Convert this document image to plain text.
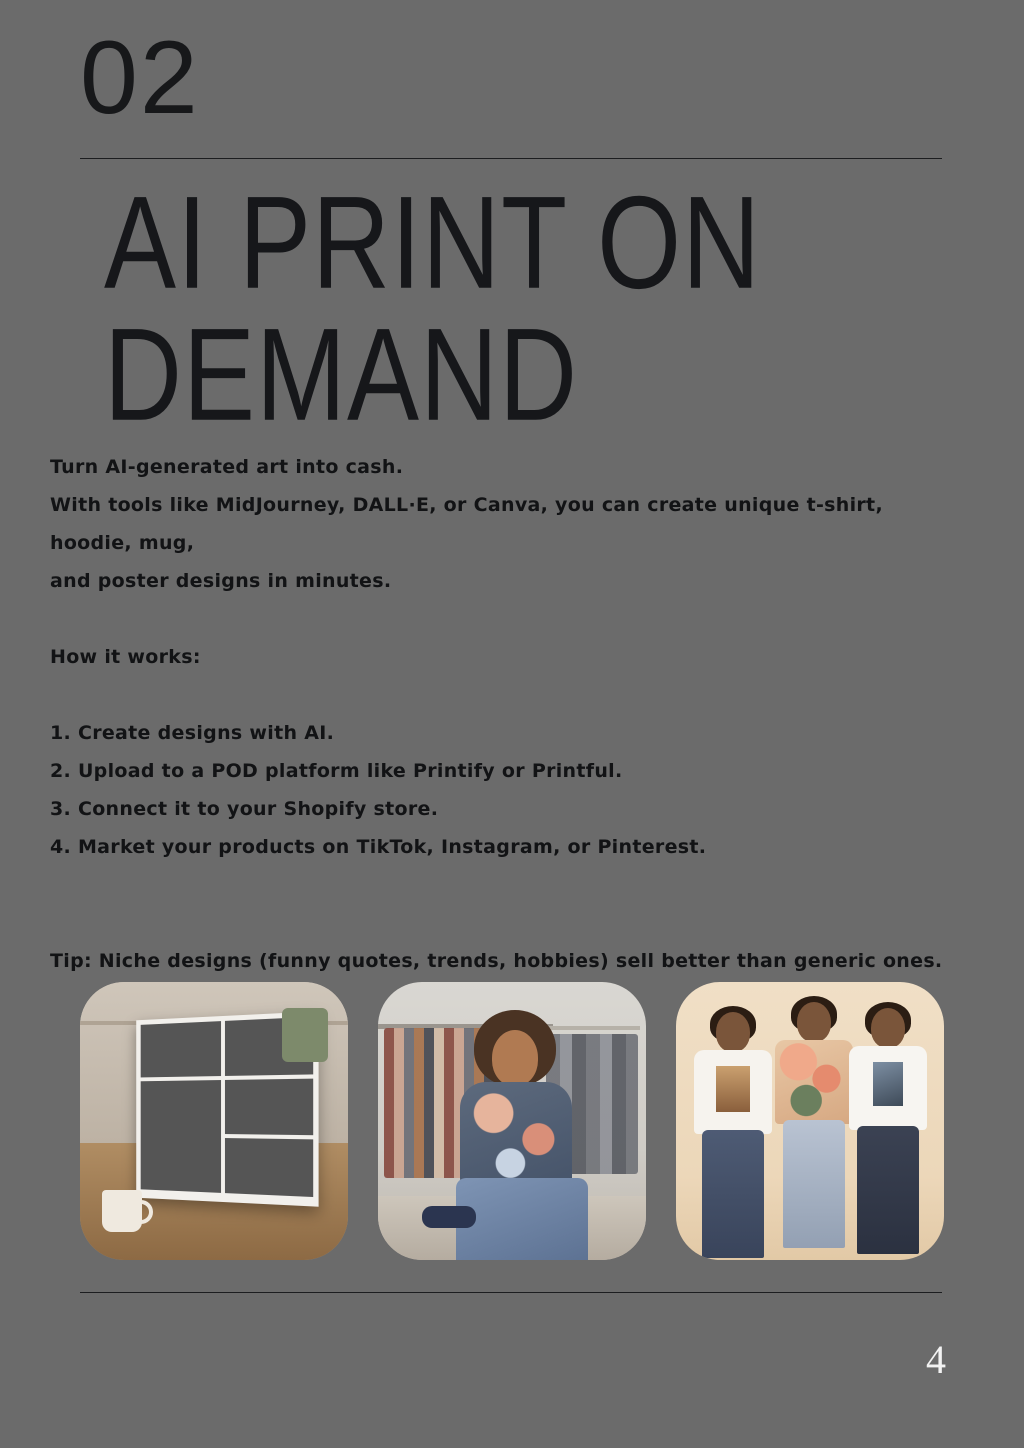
02
AI PRINT ON
DEMAND

Turn AI-generated art into cash.

With tools like MidJourney, DALL·E, or Canva, you can create unique t-shirt, hoodie, mug,

and poster designs in minutes.

How it works:

1. Create designs with AI.

2. Upload to a POD platform like Printify or Printful.

3. Connect it to your Shopify store.

4. Market your products on TikTok, Instagram, or Pinterest.

Tip: Niche designs (funny quotes, trends, hobbies) sell better than generic ones.

4
